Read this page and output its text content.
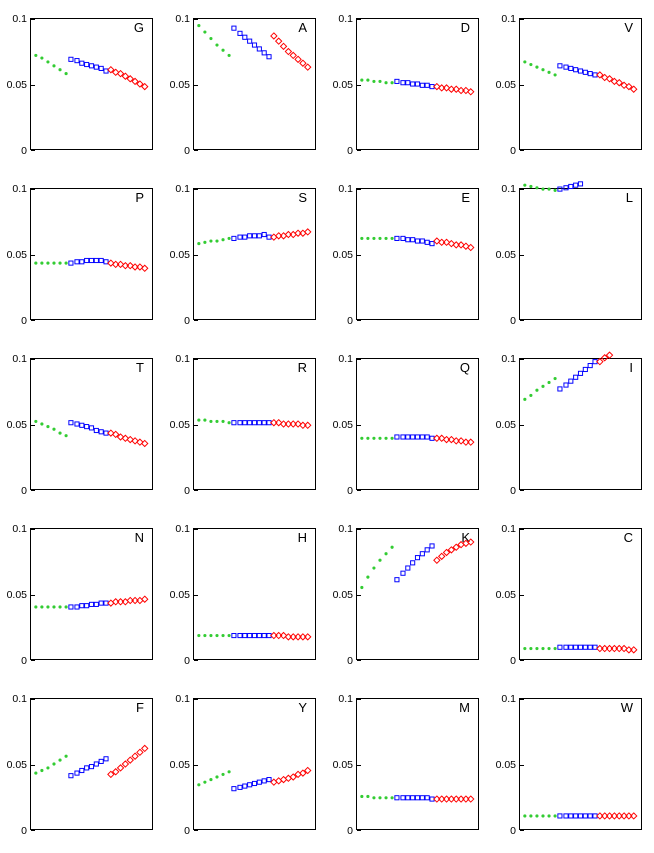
0
0.05
0.1
G
0
0.05
0.1
A
0
0.05
0.1
D
0
0.05
0.1
V
0
0.05
0.1
P
0
0.05
0.1
S
0
0.05
0.1
E
0
0.05
0.1
L
0
0.05
0.1
T
0
0.05
0.1
R
0
0.05
0.1
Q
0
0.05
0.1
I
0
0.05
0.1
N
0
0.05
0.1
H
0
0.05
0.1
K
0
0.05
0.1
C
0
0.05
0.1
F
0
0.05
0.1
Y
0
0.05
0.1
M
0
0.05
0.1
W
